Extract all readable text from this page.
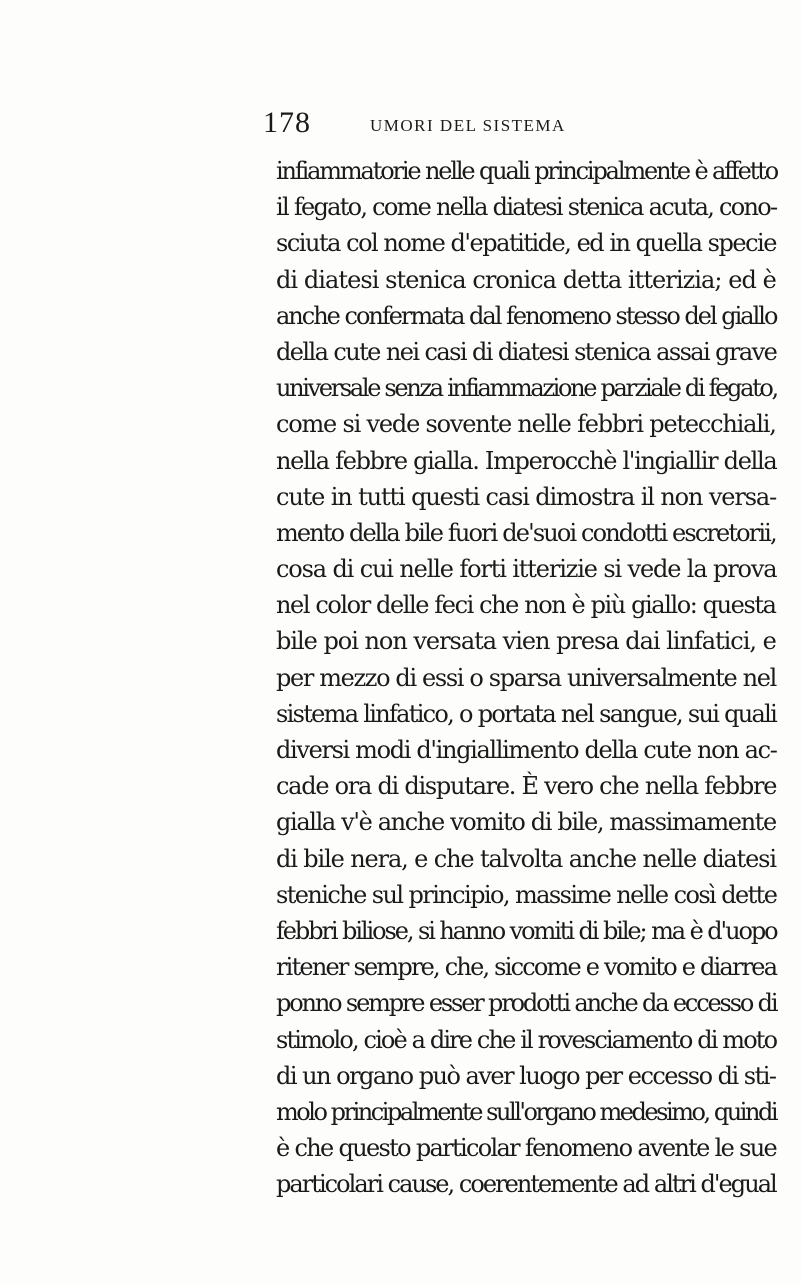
178	UMORI DEL SISTEMA
infiammatorie nelle quali principalmente è affetto
il fegato, come nella diatesi stenica acuta, cono-
sciuta col nome d'epatitide, ed in quella specie
di diatesi stenica cronica detta itterizia; ed è
anche confermata dal fenomeno stesso del giallo
della cute nei casi di diatesi stenica assai grave
universale senza infiammazione parziale di fegato,
come si vede sovente nelle febbri petecchiali,
nella febbre gialla. Imperocchè l'ingiallir della
cute in tutti questi casi dimostra il non versa-
mento della bile fuori de'suoi condotti escretorii,
cosa di cui nelle forti itterizie si vede la prova
nel color delle feci che non è più giallo: questa
bile poi non versata vien presa dai linfatici, e
per mezzo di essi o sparsa universalmente nel
sistema linfatico, o portata nel sangue, sui quali
diversi modi d'ingiallimento della cute non ac-
cade ora di disputare. È vero che nella febbre
gialla v'è anche vomito di bile, massimamente
di bile nera, e che talvolta anche nelle diatesi
steniche sul principio, massime nelle così dette
febbri biliose, si hanno vomiti di bile; ma è d'uopo
ritener sempre, che, siccome e vomito e diarrea
ponno sempre esser prodotti anche da eccesso di
stimolo, cioè a dire che il rovesciamento di moto
di un organo può aver luogo per eccesso di sti-
molo principalmente sull'organo medesimo, quindi
è che questo particolar fenomeno avente le sue
particolari cause, coerentemente ad altri d'egual
